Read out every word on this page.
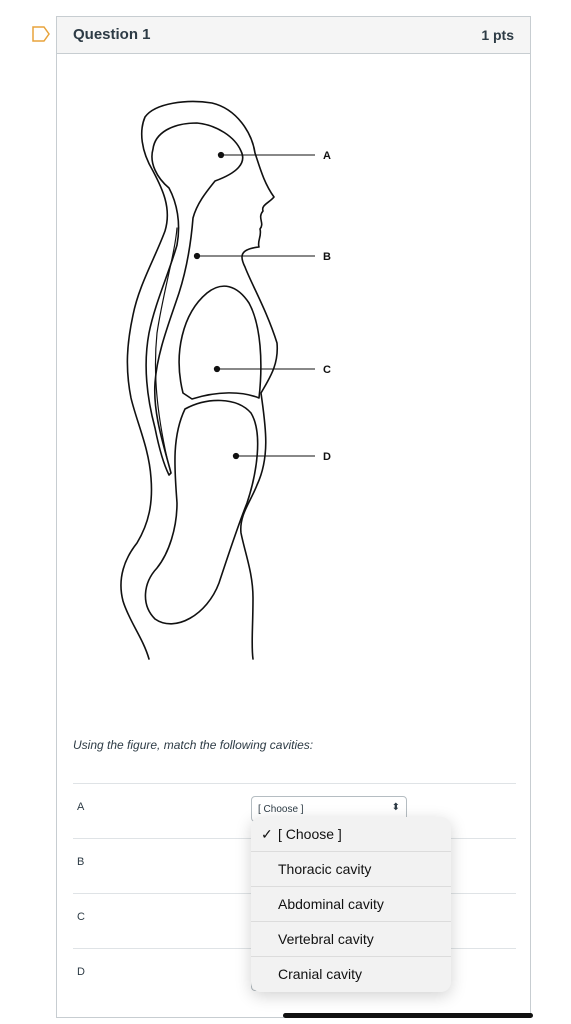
Question 1	1 pts
A
B
C
D
Using the figure, match the following cavities:
A	[ Choose ]	⬍
B
C
D
✓ [ Choose ]
Thoracic cavity
Abdominal cavity
Vertebral cavity
Cranial cavity
